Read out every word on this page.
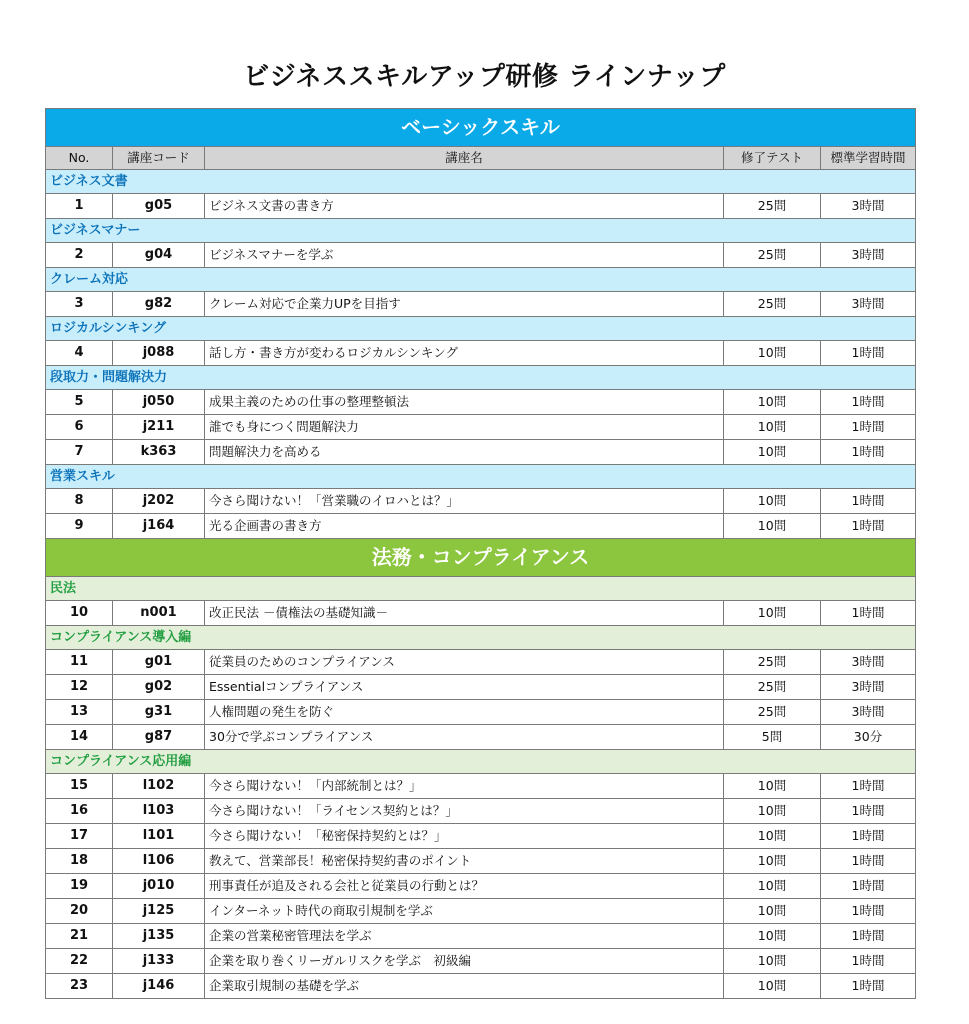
ビジネススキルアップ研修 ラインナップ
ベーシックスキル				
No.	講座コード	講座名	修了テスト	標準学習時間
ビジネス文書				
1	g05	ビジネス文書の書き方	25問	3時間
ビジネスマナー				
2	g04	ビジネスマナーを学ぶ	25問	3時間
クレーム対応				
3	g82	クレーム対応で企業力UPを目指す	25問	3時間
ロジカルシンキング				
4	j088	話し方・書き方が変わるロジカルシンキング	10問	1時間
段取力・問題解決力				
5	j050	成果主義のための仕事の整理整頓法	10問	1時間
6	j211	誰でも身につく問題解決力	10問	1時間
7	k363	問題解決力を高める	10問	1時間
営業スキル				
8	j202	今さら聞けない！「営業職のイロハとは？」	10問	1時間
9	j164	光る企画書の書き方	10問	1時間
法務・コンプライアンス				
民法				
10	n001	改正民法 －債権法の基礎知識－	10問	1時間
コンプライアンス導入編				
11	g01	従業員のためのコンプライアンス	25問	3時間
12	g02	Essentialコンプライアンス	25問	3時間
13	g31	人権問題の発生を防ぐ	25問	3時間
14	g87	30分で学ぶコンプライアンス	5問	30分
コンプライアンス応用編				
15	l102	今さら聞けない！「内部統制とは？」	10問	1時間
16	l103	今さら聞けない！「ライセンス契約とは？」	10問	1時間
17	l101	今さら聞けない！「秘密保持契約とは？」	10問	1時間
18	l106	教えて、営業部長！秘密保持契約書のポイント	10問	1時間
19	j010	刑事責任が追及される会社と従業員の行動とは？	10問	1時間
20	j125	インターネット時代の商取引規制を学ぶ	10問	1時間
21	j135	企業の営業秘密管理法を学ぶ	10問	1時間
22	j133	企業を取り巻くリーガルリスクを学ぶ　初級編	10問	1時間
23	j146	企業取引規制の基礎を学ぶ	10問	1時間
